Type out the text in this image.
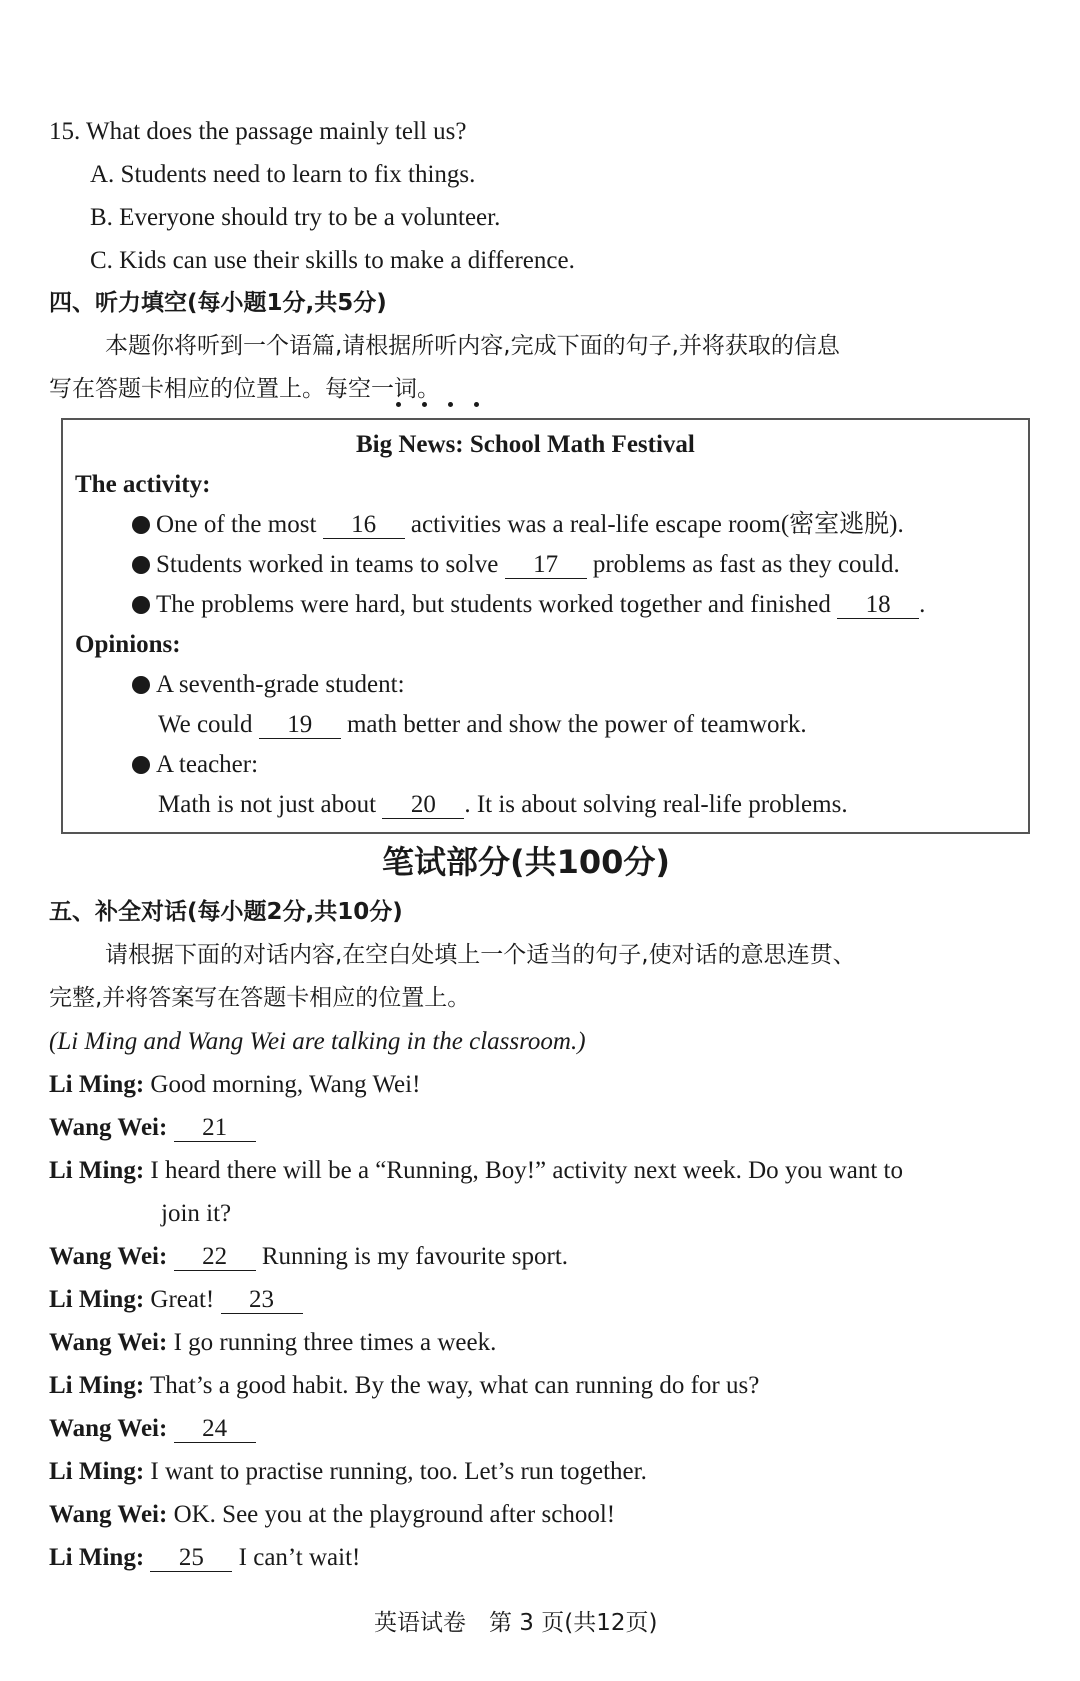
15. What does the passage mainly tell us?
A. Students need to learn to fix things.
B. Everyone should try to be a volunteer.
C. Kids can use their skills to make a difference.
四、听力填空(每小题1分,共5分)
本题你将听到一个语篇,请根据所听内容,完成下面的句子,并将获取的信息
写在答题卡相应的位置上。每空一词。
Big News: School Math Festival
The activity:
One of the most 16 activities was a real-life escape room(密室逃脱).
Students worked in teams to solve 17 problems as fast as they could.
The problems were hard, but students worked together and finished 18 .
Opinions:
A seventh-grade student:
We could 19 math better and show the power of teamwork.
A teacher:
Math is not just about 20 . It is about solving real-life problems.
笔试部分(共100分)
五、补全对话(每小题2分,共10分)
请根据下面的对话内容,在空白处填上一个适当的句子,使对话的意思连贯、
完整,并将答案写在答题卡相应的位置上。
(Li Ming and Wang Wei are talking in the classroom.)
Li Ming: Good morning, Wang Wei!
Wang Wei: 21
Li Ming: I heard there will be a “Running, Boy!” activity next week. Do you want to
join it?
Wang Wei: 22 Running is my favourite sport.
Li Ming: Great! 23
Wang Wei: I go running three times a week.
Li Ming: That’s a good habit. By the way, what can running do for us?
Wang Wei: 24
Li Ming: I want to practise running, too. Let’s run together.
Wang Wei: OK. See you at the playground after school!
Li Ming: 25 I can’t wait!
英语试卷　第 3 页(共12页)
